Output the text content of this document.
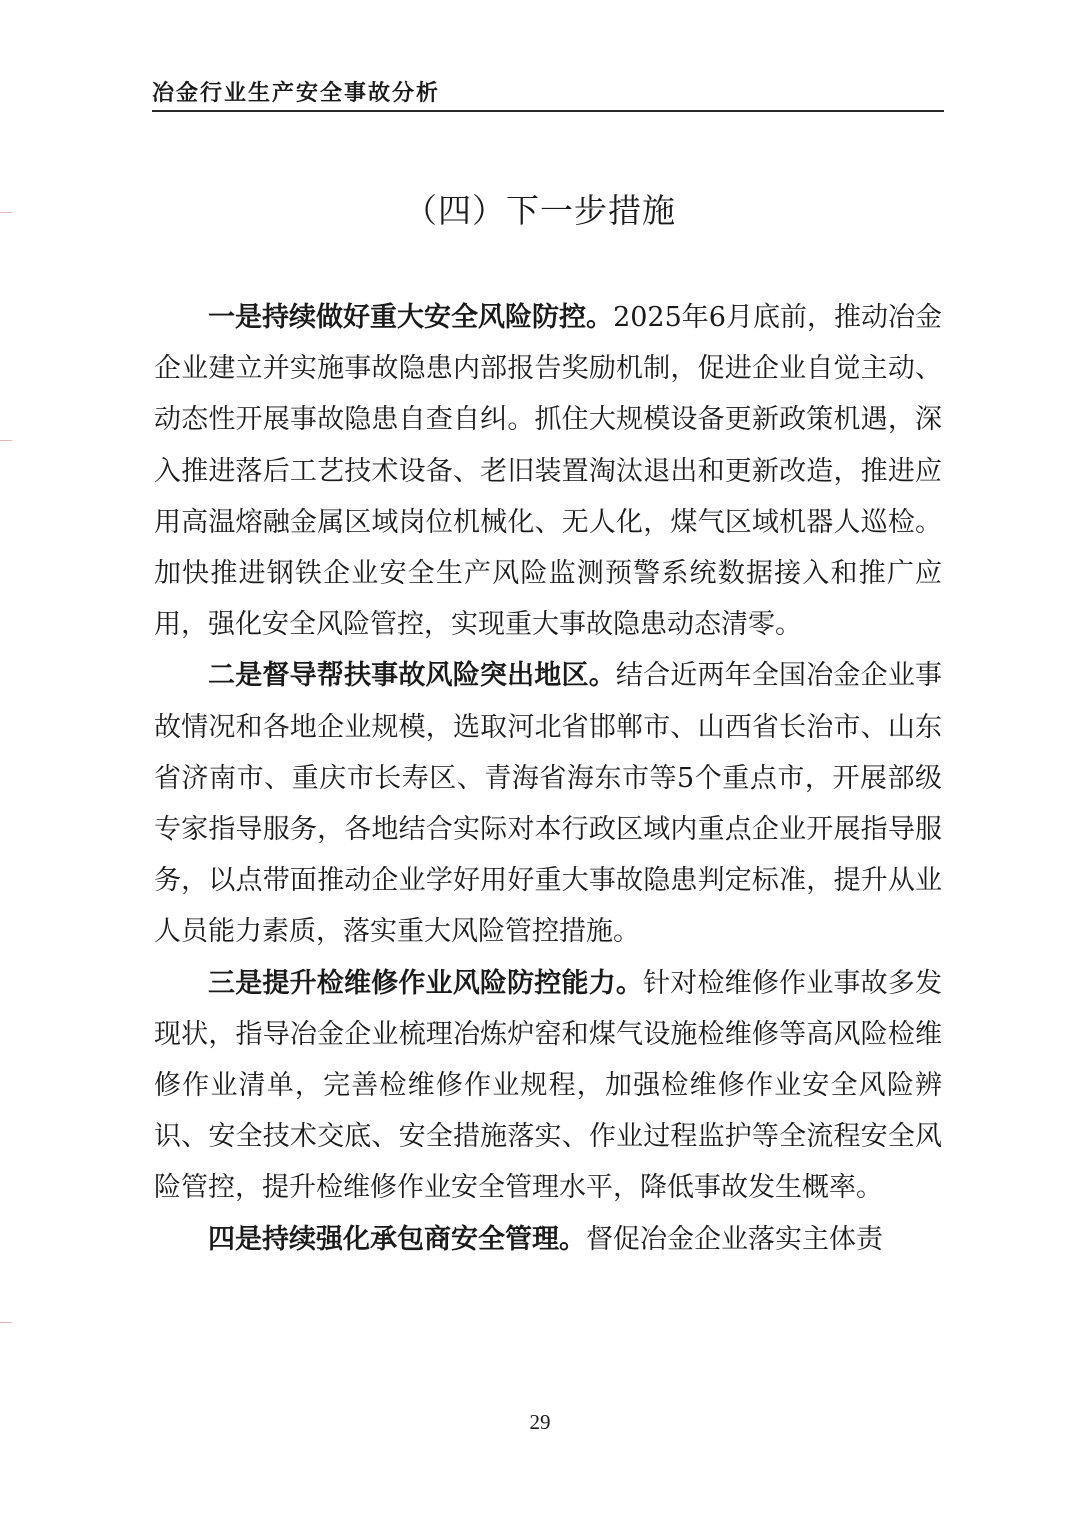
冶金行业生产安全事故分析
（四）下一步措施

一是持续做好重大安全风险防控。2025年6月底前，推动冶金企业建立并实施事故隐患内部报告奖励机制，促进企业自觉主动、动态性开展事故隐患自查自纠。抓住大规模设备更新政策机遇，深入推进落后工艺技术设备、老旧装置淘汰退出和更新改造，推进应用高温熔融金属区域岗位机械化、无人化，煤气区域机器人巡检。加快推进钢铁企业安全生产风险监测预警系统数据接入和推广应用，强化安全风险管控，实现重大事故隐患动态清零。

二是督导帮扶事故风险突出地区。结合近两年全国冶金企业事故情况和各地企业规模，选取河北省邯郸市、山西省长治市、山东省济南市、重庆市长寿区、青海省海东市等5个重点市，开展部级专家指导服务，各地结合实际对本行政区域内重点企业开展指导服务，以点带面推动企业学好用好重大事故隐患判定标准，提升从业人员能力素质，落实重大风险管控措施。

三是提升检维修作业风险防控能力。针对检维修作业事故多发现状，指导冶金企业梳理冶炼炉窑和煤气设施检维修等高风险检维修作业清单，完善检维修作业规程，加强检维修作业安全风险辨识、安全技术交底、安全措施落实、作业过程监护等全流程安全风险管控，提升检维修作业安全管理水平，降低事故发生概率。

四是持续强化承包商安全管理。督促冶金企业落实主体责

29
